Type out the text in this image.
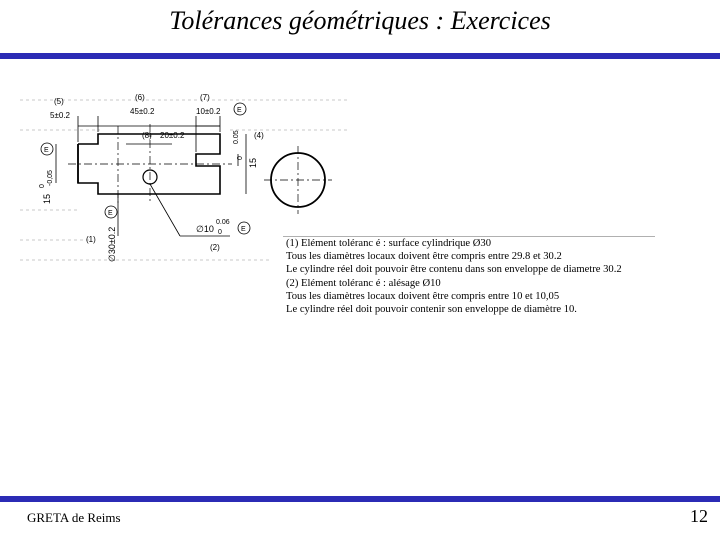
Tolérances géométriques : Exercices
(5)
5±0.2
(6)
45±0.2
(7)
10±0.2
(8) 20±0.2
E
0.05
0
(4)
15
E
15
0
-0,05
E
∅30±0.2
(1)
(2)
∅10
0.06
0	E
(1) Elément toléranc é : surface cylindrique Ø30
Tous les diamètres locaux doivent être compris entre 29.8 et 30.2
Le cylindre réel doit pouvoir être contenu dans son enveloppe de diametre 30.2
(2) Elément toléranc é : alésage Ø10
Tous les diamètres locaux doivent être compris entre 10 et 10,05
Le cylindre réel doit pouvoir contenir son enveloppe de diamètre 10.
GRETA de Reims	12
